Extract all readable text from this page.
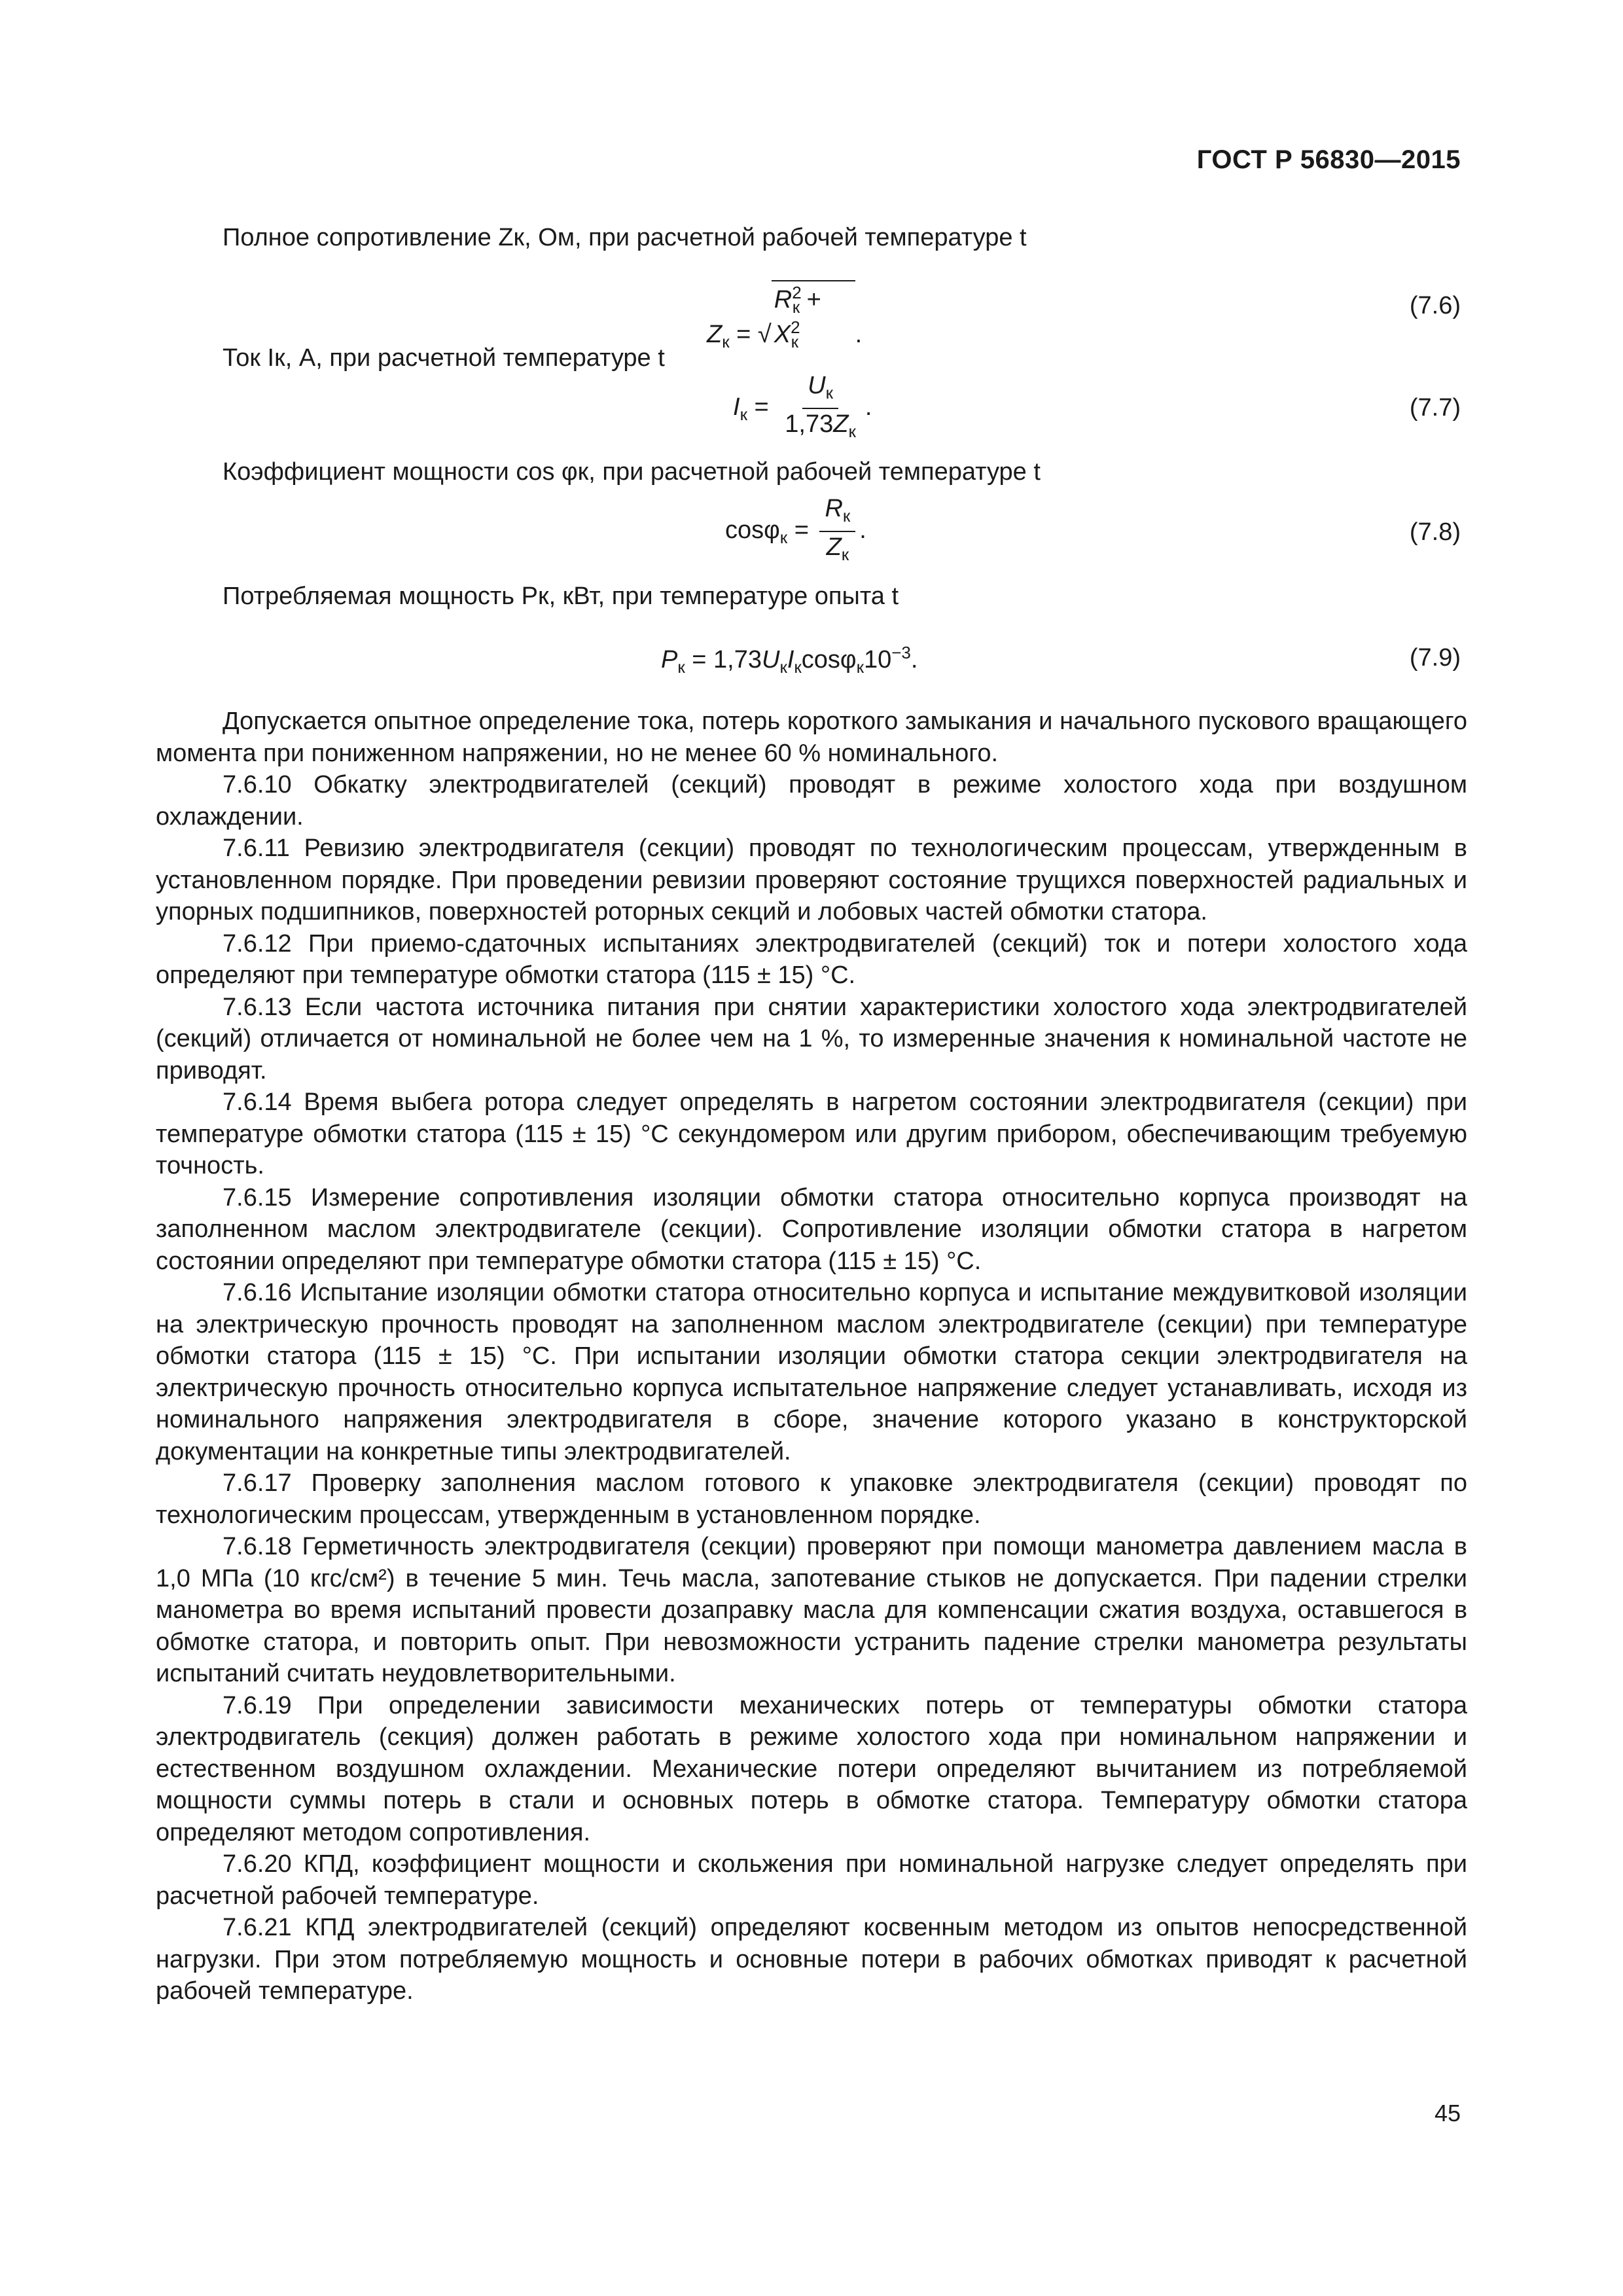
ГОСТ Р 56830—2015
Полное сопротивление Zк, Ом, при расчетной рабочей температуре t
$Z_к = √R^2_к + X^2_к$ .
(7.6)
Ток Iк, А, при расчетной температуре t
$I_к = \frac{U_к}{1,73Z_к}$ .	(7.7)
Коэффициент мощности cos φк, при расчетной рабочей температуре t
$\cos\varphi_к = \frac{R_к}{Z_к}$ .	(7.8)
Потребляемая мощность Pк, кВт, при температуре опыта t
$P_к = 1,73U_кI_к\cos\varphi_к10^{-3}$.	(7.9)

Допускается опытное определение тока, потерь короткого замыкания и начального пускового вращающего момента при пониженном напряжении, но не менее 60 % номинального.

7.6.10 Обкатку электродвигателей (секций) проводят в режиме холостого хода при воздушном охлаждении.

7.6.11 Ревизию электродвигателя (секции) проводят по технологическим процессам, утвержденным в установленном порядке. При проведении ревизии проверяют состояние трущихся поверхностей радиальных и упорных подшипников, поверхностей роторных секций и лобовых частей обмотки статора.

7.6.12 При приемо-сдаточных испытаниях электродвигателей (секций) ток и потери холостого хода определяют при температуре обмотки статора (115 ± 15) °С.

7.6.13 Если частота источника питания при снятии характеристики холостого хода электродвигателей (секций) отличается от номинальной не более чем на 1 %, то измеренные значения к номинальной частоте не приводят.

7.6.14 Время выбега ротора следует определять в нагретом состоянии электродвигателя (секции) при температуре обмотки статора (115 ± 15) °С секундомером или другим прибором, обеспечивающим требуемую точность.

7.6.15 Измерение сопротивления изоляции обмотки статора относительно корпуса производят на заполненном маслом электродвигателе (секции). Сопротивление изоляции обмотки статора в нагретом состоянии определяют при температуре обмотки статора (115 ± 15) °С.

7.6.16 Испытание изоляции обмотки статора относительно корпуса и испытание междувитковой изоляции на электрическую прочность проводят на заполненном маслом электродвигателе (секции) при температуре обмотки статора (115 ± 15) °С. При испытании изоляции обмотки статора секции электродвигателя на электрическую прочность относительно корпуса испытательное напряжение следует устанавливать, исходя из номинального напряжения электродвигателя в сборе, значение которого указано в конструкторской документации на конкретные типы электродвигателей.

7.6.17 Проверку заполнения маслом готового к упаковке электродвигателя (секции) проводят по технологическим процессам, утвержденным в установленном порядке.

7.6.18 Герметичность электродвигателя (секции) проверяют при помощи манометра давлением масла в 1,0 МПа (10 кгс/см²) в течение 5 мин. Течь масла, запотевание стыков не допускается. При падении стрелки манометра во время испытаний провести дозаправку масла для компенсации сжатия воздуха, оставшегося в обмотке статора, и повторить опыт. При невозможности устранить падение стрелки манометра результаты испытаний считать неудовлетворительными.

7.6.19 При определении зависимости механических потерь от температуры обмотки статора электродвигатель (секция) должен работать в режиме холостого хода при номинальном напряжении и естественном воздушном охлаждении. Механические потери определяют вычитанием из потребляемой мощности суммы потерь в стали и основных потерь в обмотке статора. Температуру обмотки статора определяют методом сопротивления.

7.6.20 КПД, коэффициент мощности и скольжения при номинальной нагрузке следует определять при расчетной рабочей температуре.

7.6.21 КПД электродвигателей (секций) определяют косвенным методом из опытов непосредственной нагрузки. При этом потребляемую мощность и основные потери в рабочих обмотках приводят к расчетной рабочей температуре.

45
